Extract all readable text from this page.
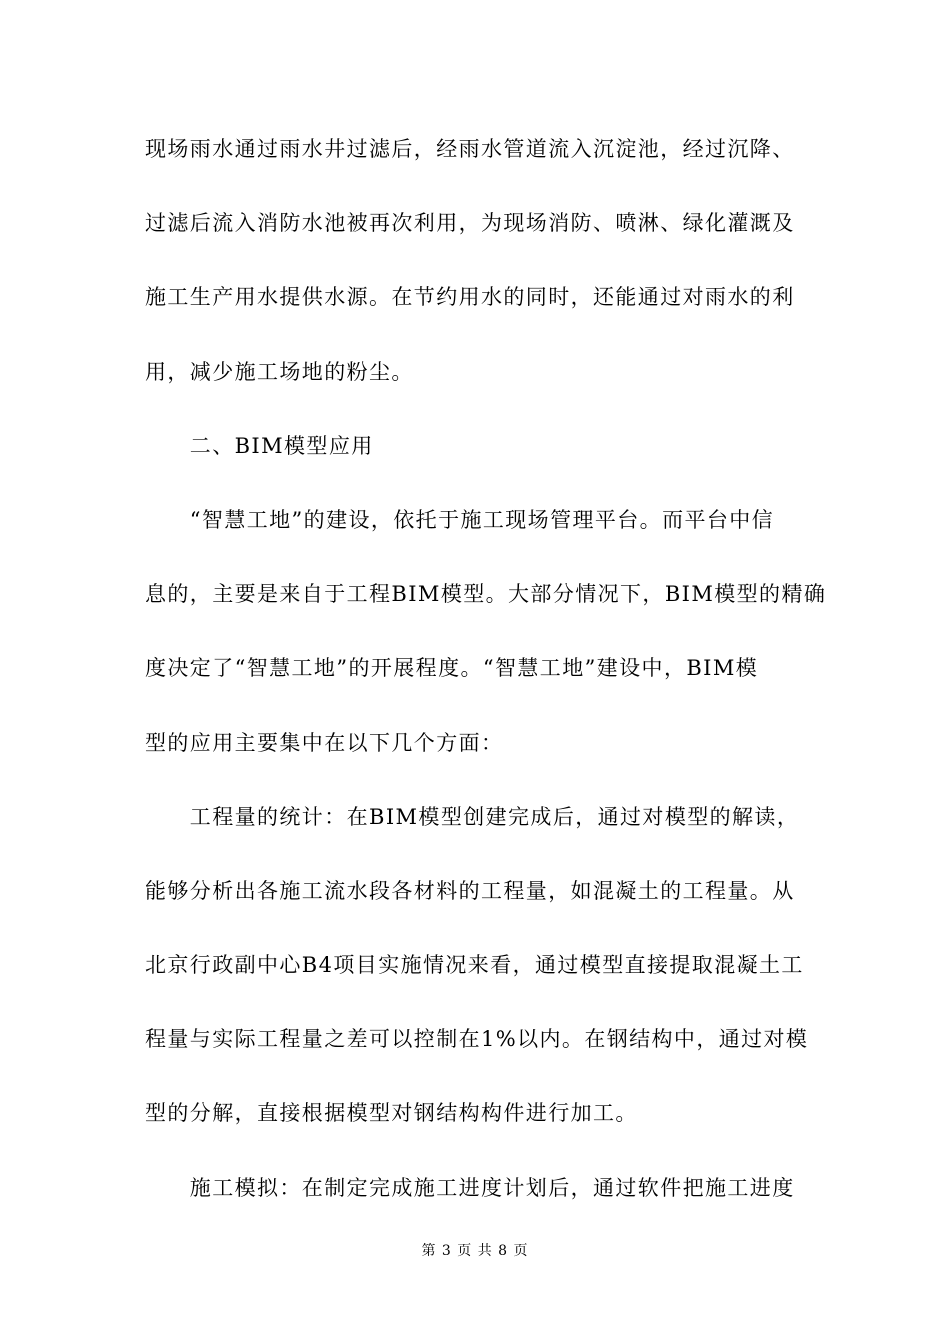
现场雨水通过雨水井过滤后，经雨水管道流入沉淀池，经过沉降、
过滤后流入消防水池被再次利用，为现场消防、喷淋、绿化灌溉及
施工生产用水提供水源。在节约用水的同时，还能通过对雨水的利
用，减少施工场地的粉尘。
　　二、BIM模型应用
　　“智慧工地”的建设，依托于施工现场管理平台。而平台中信
息的，主要是来自于工程BIM模型。大部分情况下，BIM模型的精确
度决定了“智慧工地”的开展程度。“智慧工地”建设中，BIM模
型的应用主要集中在以下几个方面：
　　工程量的统计：在BIM模型创建完成后，通过对模型的解读，
能够分析出各施工流水段各材料的工程量，如混凝土的工程量。从
北京行政副中心B4项目实施情况来看，通过模型直接提取混凝土工
程量与实际工程量之差可以控制在1%以内。在钢结构中，通过对模
型的分解，直接根据模型对钢结构构件进行加工。
　　施工模拟：在制定完成施工进度计划后，通过软件把施工进度
第 3 页 共 8 页
